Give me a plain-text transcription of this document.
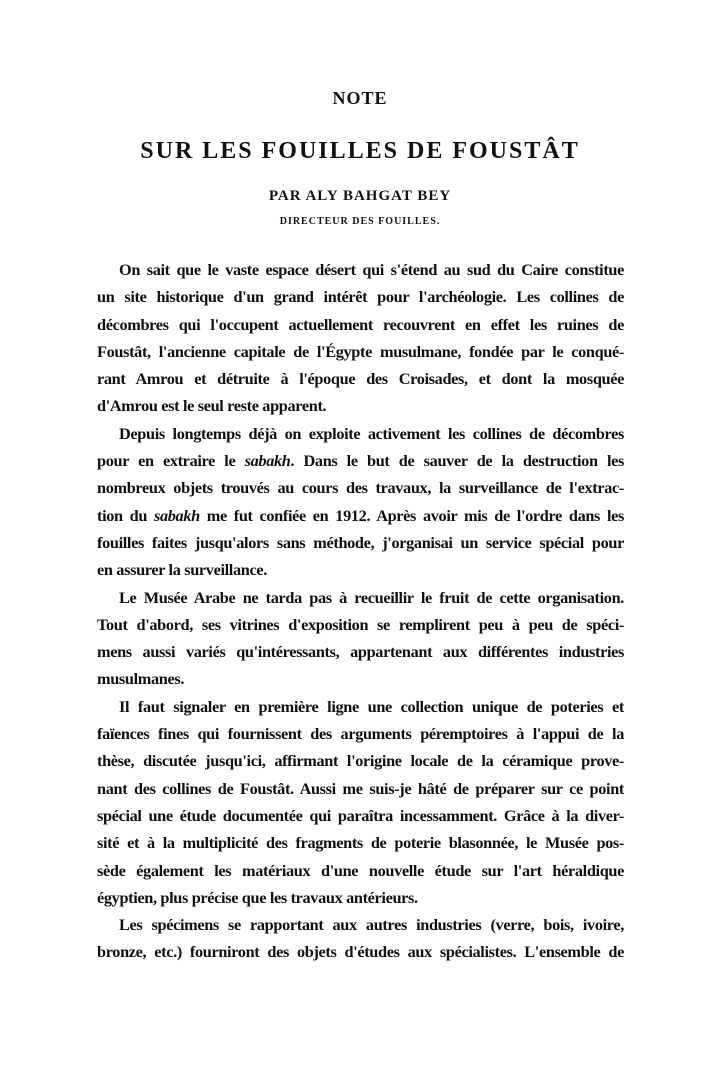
NOTE
SUR LES FOUILLES DE FOUSTÂT
PAR ALY BAHGAT BEY
DIRECTEUR DES FOUILLES.
On sait que le vaste espace désert qui s'étend au sud du Caire constitue
un site historique d'un grand intérêt pour l'archéologie. Les collines de
décombres qui l'occupent actuellement recouvrent en effet les ruines de
Foustât, l'ancienne capitale de l'Égypte musulmane, fondée par le conqué-
rant Amrou et détruite à l'époque des Croisades, et dont la mosquée
d'Amrou est le seul reste apparent.
Depuis longtemps déjà on exploite activement les collines de décombres
pour en extraire le sabakh. Dans le but de sauver de la destruction les
nombreux objets trouvés au cours des travaux, la surveillance de l'extrac-
tion du sabakh me fut confiée en 1912. Après avoir mis de l'ordre dans les
fouilles faites jusqu'alors sans méthode, j'organisai un service spécial pour
en assurer la surveillance.
Le Musée Arabe ne tarda pas à recueillir le fruit de cette organisation.
Tout d'abord, ses vitrines d'exposition se remplirent peu à peu de spéci-
mens aussi variés qu'intéressants, appartenant aux différentes industries
musulmanes.
Il faut signaler en première ligne une collection unique de poteries et
faïences fines qui fournissent des arguments péremptoires à l'appui de la
thèse, discutée jusqu'ici, affirmant l'origine locale de la céramique prove-
nant des collines de Foustât. Aussi me suis-je hâté de préparer sur ce point
spécial une étude documentée qui paraîtra incessamment. Grâce à la diver-
sité et à la multiplicité des fragments de poterie blasonnée, le Musée pos-
sède également les matériaux d'une nouvelle étude sur l'art héraldique
égyptien, plus précise que les travaux antérieurs.
Les spécimens se rapportant aux autres industries (verre, bois, ivoire,
bronze, etc.) fourniront des objets d'études aux spécialistes. L'ensemble de
